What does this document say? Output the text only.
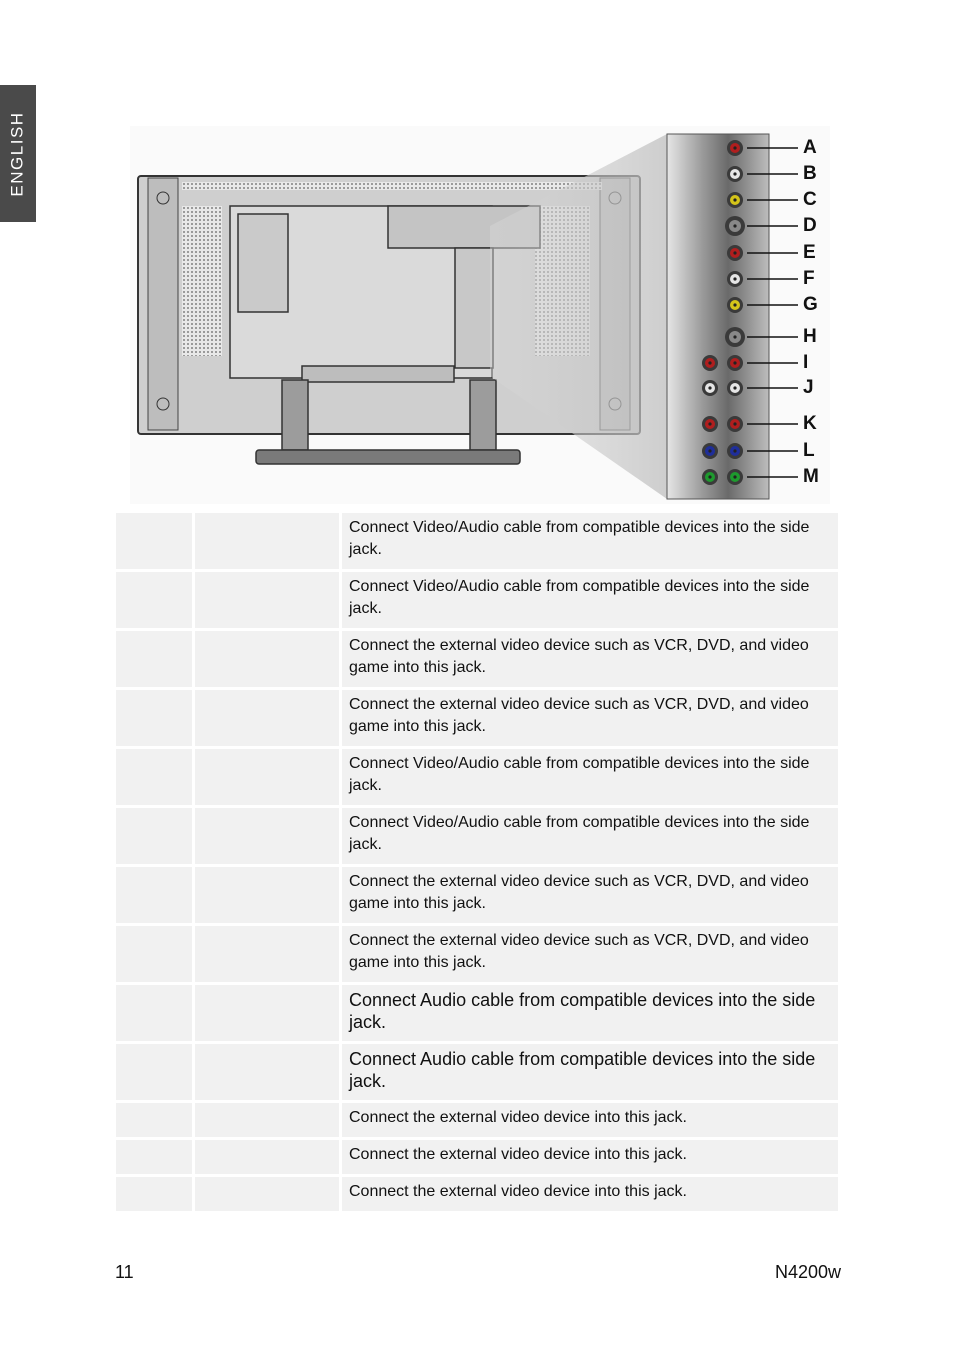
ENGLISH	A
B
C
D
E
F
G
H
I
J
K
L
M
		Connect Video/Audio cable from compatible devices into the side jack.
		Connect Video/Audio cable from compatible devices into the side jack.
		Connect the external video device such as VCR, DVD, and video game into this jack.
		Connect the external video device such as VCR, DVD, and video game into this jack.
		Connect Video/Audio cable from compatible devices into the side jack.
		Connect Video/Audio cable from compatible devices into the side jack.
		Connect the external video device such as VCR, DVD, and video game into this jack.
		Connect the external video device such as VCR, DVD, and video game into this jack.
		Connect Audio cable from compatible devices into the side jack.
		Connect Audio cable from compatible devices into the side jack.
		Connect the external video device into this jack.
		Connect the external video device into this jack.
		Connect the external video device into this jack.
11	N4200w
